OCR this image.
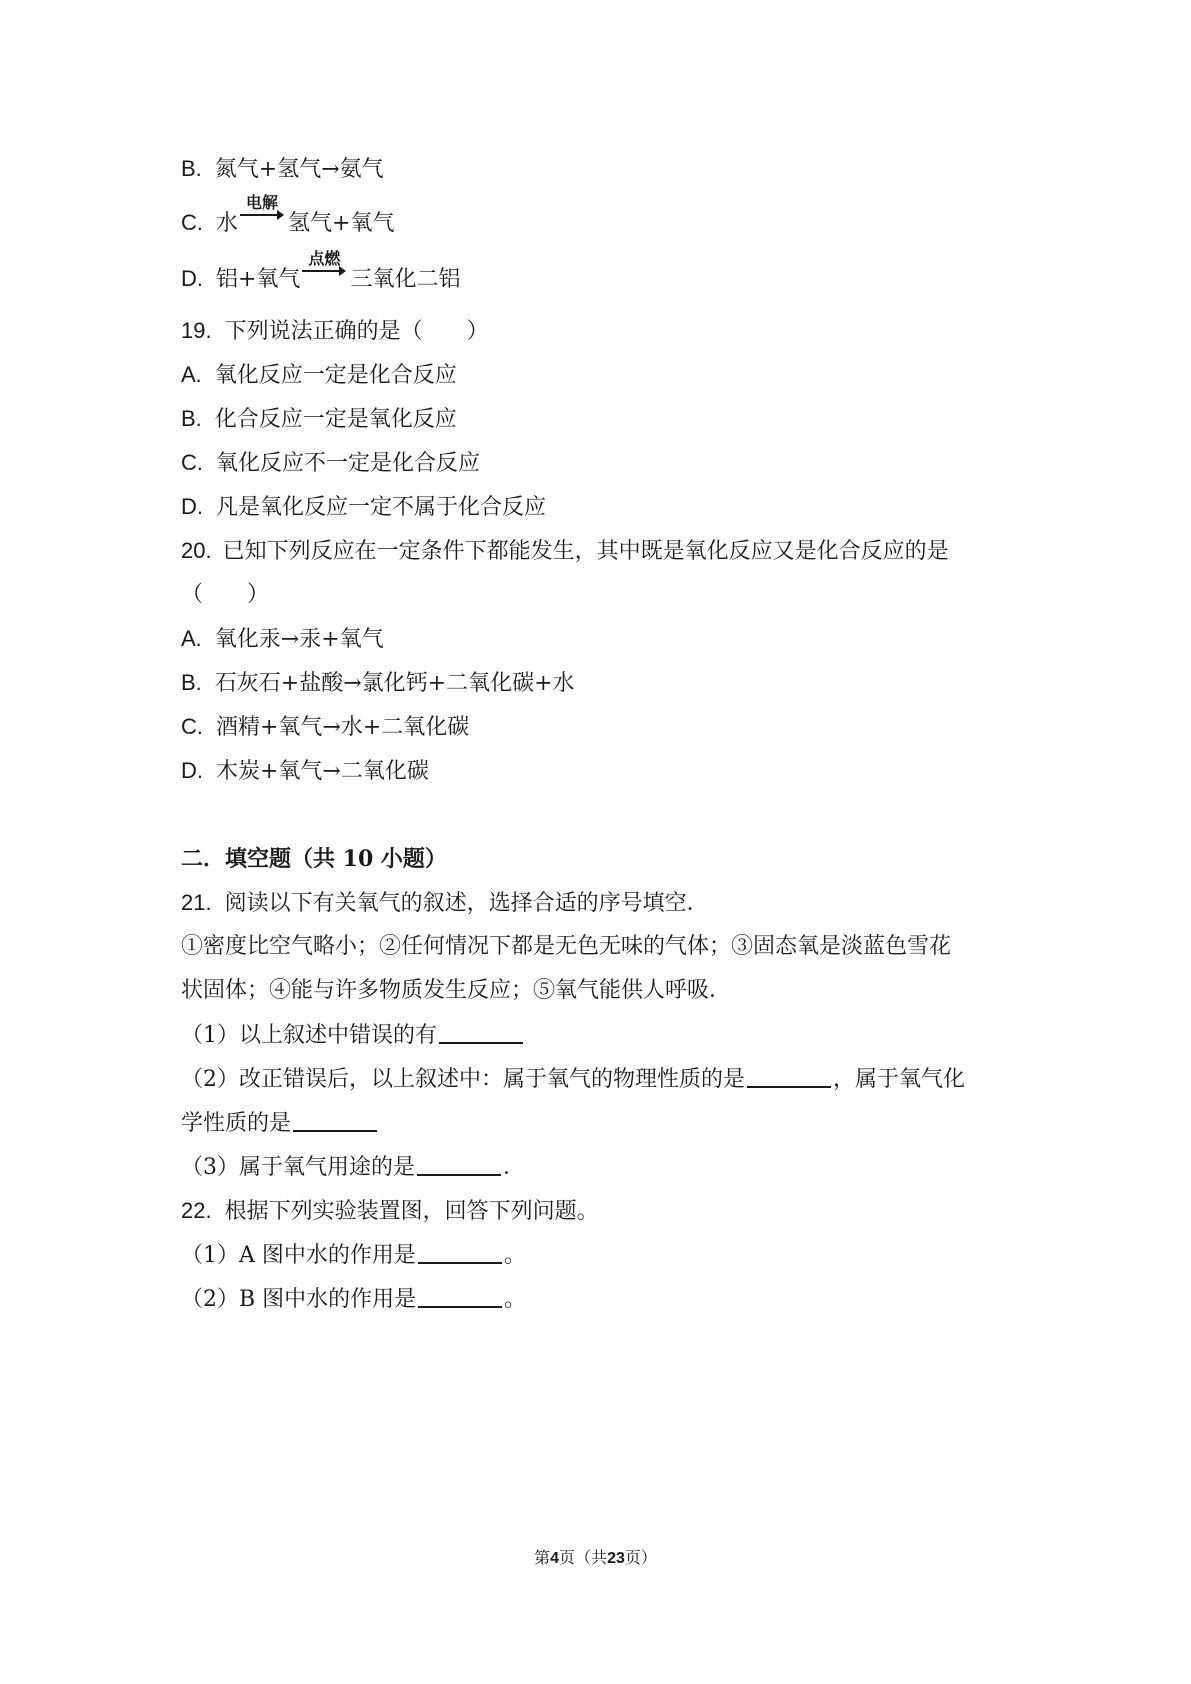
B. 氮气+氢气→氨气
C. 水
电解
氢气+氧气
D. 铝+氧气
点燃
三氧化二铝
19. 下列说法正确的是（　　）
A. 氧化反应一定是化合反应
B. 化合反应一定是氧化反应
C. 氧化反应不一定是化合反应
D. 凡是氧化反应一定不属于化合反应
20. 已知下列反应在一定条件下都能发生，其中既是氧化反应又是化合反应的是
（　　）
A. 氧化汞→汞+氧气
B. 石灰石+盐酸→氯化钙+二氧化碳+水
C. 酒精+氧气→水+二氧化碳
D. 木炭+氧气→二氧化碳
二．填空题（共 10 小题）
21. 阅读以下有关氧气的叙述，选择合适的序号填空．
①密度比空气略小；②任何情况下都是无色无味的气体；③固态氧是淡蓝色雪花
状固体；④能与许多物质发生反应；⑤氧气能供人呼吸．
（1）以上叙述中错误的有
（2）改正错误后，以上叙述中：属于氧气的物理性质的是	，属于氧气化
学性质的是
（3）属于氧气用途的是	．
22. 根据下列实验装置图，回答下列问题。
（1）A 图中水的作用是	。
（2）B 图中水的作用是	。
第4页（共23页）
